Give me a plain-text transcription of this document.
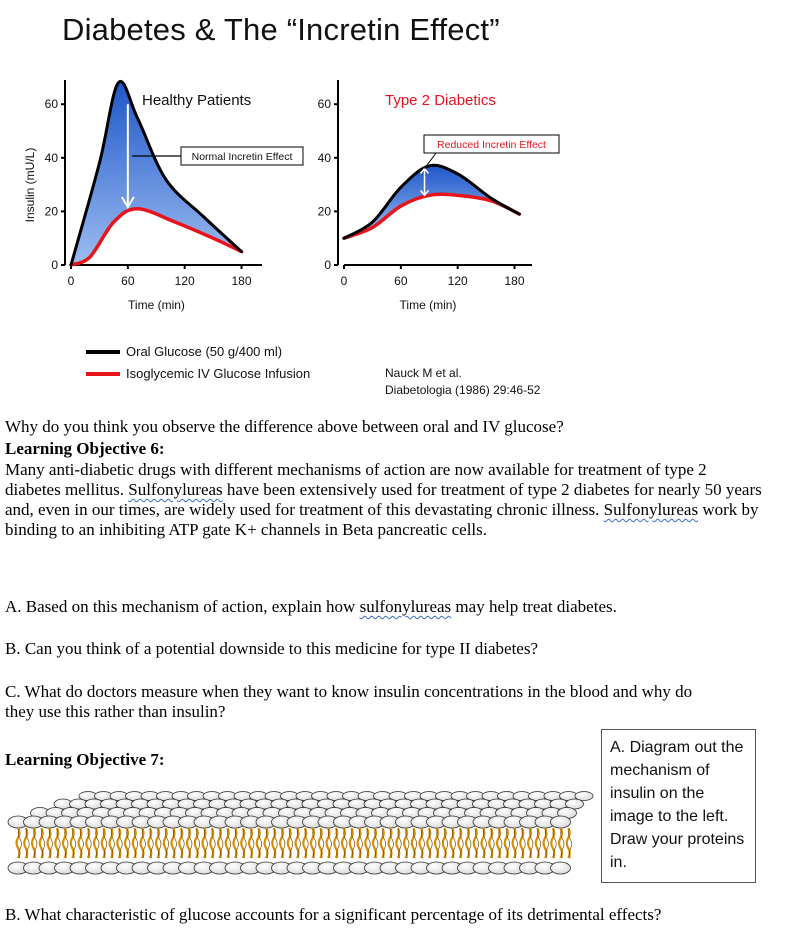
Diabetes & The “Incretin Effect”
0
20
40
60
0	60	120	180
Healthy Patients
Time (min)
Insulin (mU/L)	Normal Incretin Effect
0
20
40
60
0	60	120	180
Type 2 Diabetics
Time (min)
Reduced Incretin Effect
Oral Glucose (50 g/400 ml)
Isoglycemic IV Glucose Infusion	Nauck M et al.
Diabetologia (1986) 29:46-52
Why do you think you observe the difference above between oral and IV glucose?
Learning Objective 6:
Many anti-diabetic drugs with different mechanisms of action are now available for treatment of type 2 diabetes mellitus. Sulfonylureas have been extensively used for treatment of type 2 diabetes for nearly 50 years and, even in our times, are widely used for treatment of this devastating chronic illness. Sulfonylureas work by binding to an inhibiting ATP gate K+ channels in Beta pancreatic cells.
A. Based on this mechanism of action, explain how sulfonylureas may help treat diabetes.
B. Can you think of a potential downside to this medicine for type II diabetes?
C. What do doctors measure when they want to know insulin concentrations in the blood and why do they use this rather than insulin?
Learning Objective 7:
A. Diagram out the mechanism of insulin on the image to the left. Draw your proteins in.
B. What characteristic of glucose accounts for a significant percentage of its detrimental effects?
